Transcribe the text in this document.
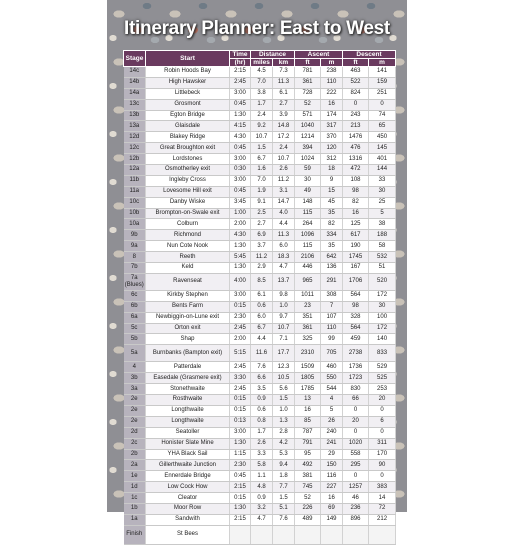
Itinerary Planner: East to West
Stage	Start	Time	Distance		Ascent		Descent	
		(hr)	miles	km	ft	m	ft	m
14c	Robin Hoods Bay	2:15	4.5	7.3	781	238	463	141
14b	High Hawsker	2:45	7.0	11.3	361	110	522	159
14a	Littlebeck	3:00	3.8	6.1	728	222	824	251
13c	Grosmont	0:45	1.7	2.7	52	16	0	0
13b	Egton Bridge	1:30	2.4	3.9	571	174	243	74
13a	Glaisdale	4:15	9.2	14.8	1040	317	213	65
12d	Blakey Ridge	4:30	10.7	17.2	1214	370	1476	450
12c	Great Broughton exit	0:45	1.5	2.4	394	120	476	145
12b	Lordstones	3:00	6.7	10.7	1024	312	1316	401
12a	Osmotherley exit	0:30	1.6	2.6	59	18	472	144
11b	Ingleby Cross	3:00	7.0	11.2	30	9	108	33
11a	Lovesome Hill exit	0:45	1.9	3.1	49	15	98	30
10c	Danby Wiske	3:45	9.1	14.7	148	45	82	25
10b	Brompton-on-Swale exit	1:00	2.5	4.0	115	35	16	5
10a	Colburn	2:00	2.7	4.4	264	82	125	38
9b	Richmond	4:30	6.9	11.3	1096	334	617	188
9a	Nun Cote Nook	1:30	3.7	6.0	115	35	190	58
8	Reeth	5:45	11.2	18.3	2106	642	1745	532
7b	Keld	1:30	2.9	4.7	446	136	167	51
7a (Blues)	Ravenseat	4:00	8.5	13.7	965	291	1706	520
6c	Kirkby Stephen	3:00	6.1	9.8	1011	308	564	172
6b	Bents Farm	0:15	0.6	1.0	23	7	98	30
6a	Newbiggin-on-Lune exit	2:30	6.0	9.7	351	107	328	100
5c	Orton exit	2:45	6.7	10.7	361	110	564	172
5b	Shap	2:00	4.4	7.1	325	99	459	140
5a	Burnbanks (Bampton exit)	5:15	11.6	17.7	2310	705	2738	833
4	Patterdale	2:45	7.6	12.3	1509	460	1736	529
3b	Easedale (Grasmere exit)	3:30	6.6	10.5	1805	550	1723	525
3a	Stonethwaite	2:45	3.5	5.6	1785	544	830	253
2e	Rosthwaite	0:15	0.9	1.5	13	4	66	20
2e	Longthwaite	0:15	0.6	1.0	16	5	0	0
2e	Longthwaite	0:13	0.8	1.3	85	26	20	6
2d	Seatoller	3:00	1.7	2.8	787	240	0	0
2c	Honister Slate Mine	1:30	2.6	4.2	791	241	1020	311
2b	YHA Black Sail	1:15	3.3	5.3	95	29	558	170
2a	Gillerthwaite Junction	2:30	5.8	9.4	492	150	295	90
1e	Ennerdale Bridge	0:45	1.1	1.8	381	116	0	0
1d	Low Cock How	2:15	4.8	7.7	745	227	1257	383
1c	Cleator	0:15	0.9	1.5	52	16	46	14
1b	Moor Row	1:30	3.2	5.1	226	69	236	72
1a	Sandwith	2:15	4.7	7.6	489	149	896	212
Finish	St Bees							
